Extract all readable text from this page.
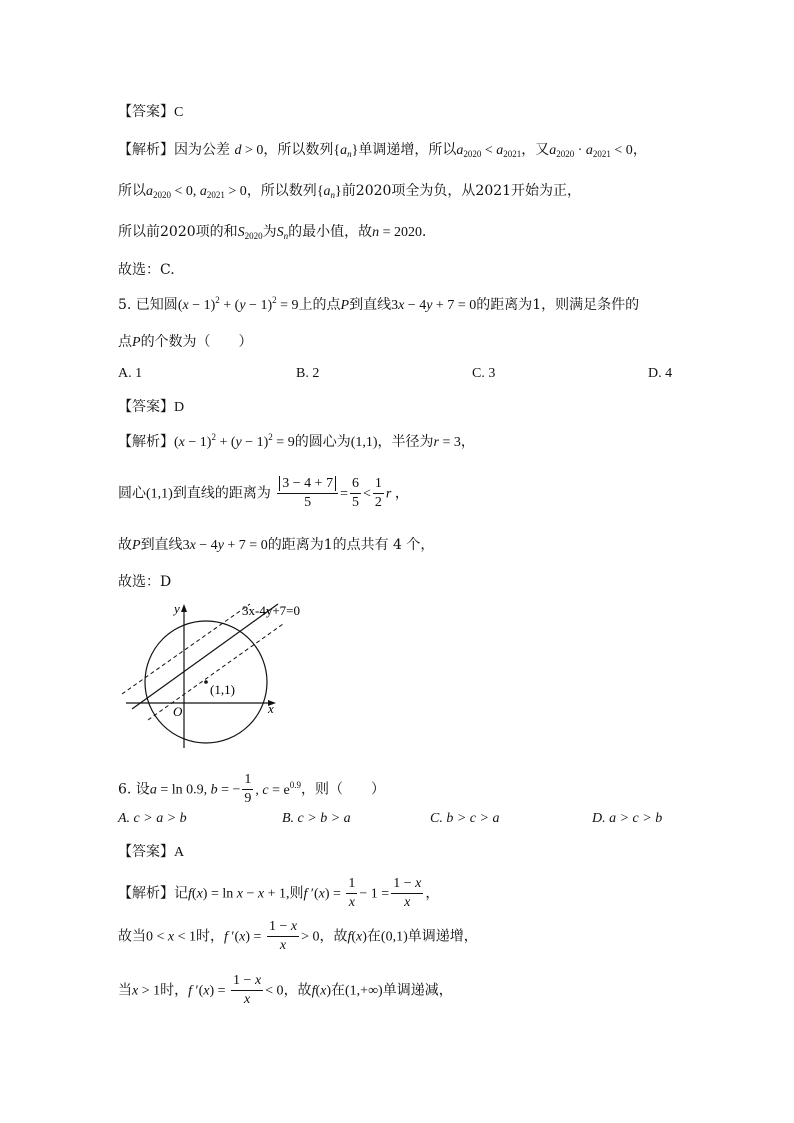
【答案】C
【解析】因为公差 d > 0，所以数列$\{a_n\}$单调递增，所以$a_{2020} < a_{2021}$，又$a_{2020} \cdot a_{2021} < 0$，
所以$a_{2020} < 0$, $a_{2021} > 0$，所以数列$\{a_n\}$前2020项全为负，从2021开始为正，
所以前2020项的和$S_{2020}$为$S_n$的最小值，故n = 2020．
故选：C.
5. 已知圆$(x - 1)^2 + (y - 1)^2 = 9$上的点P到直线3x − 4y + 7 = 0的距离为1，则满足条件的
点P的个数为（　　）
A. 1	B. 2	C. 3	D. 4
【答案】D
【解析】$(x - 1)^2 + (y - 1)^2 = 9$的圆心为(1,1)，半径为r = 3，
圆心(1,1)到直线的距离为 $\frac{3 - 4 + 7}{5} = \frac{6}{5} < \frac{1}{2}$ r ，
故P到直线3x − 4y + 7 = 0的距离为1的点共有 4 个，
故选：D
(1,1)
O	x
y	3x-4y+7=0
6. 设a = ln 0.9, b = − $\frac{1}{9}$ , $c = e^{0.9}$，则（　　）
A. c > a > b	B. c > b > a	C. b > c > a	D. a > c > b
【答案】A
【解析】记f(x) = ln x − x + 1,则f $'(x) = \frac{1}{x} - 1 = \frac{1 - x}{x}$ ，
故当0 < x < 1时，f $'(x) = \frac{1 - x}{x} > 0$，故f(x)在(0,1)单调递增，
当x > 1时，f $'(x) = \frac{1 - x}{x} < 0$，故f(x)在(1,+∞)单调递减，
